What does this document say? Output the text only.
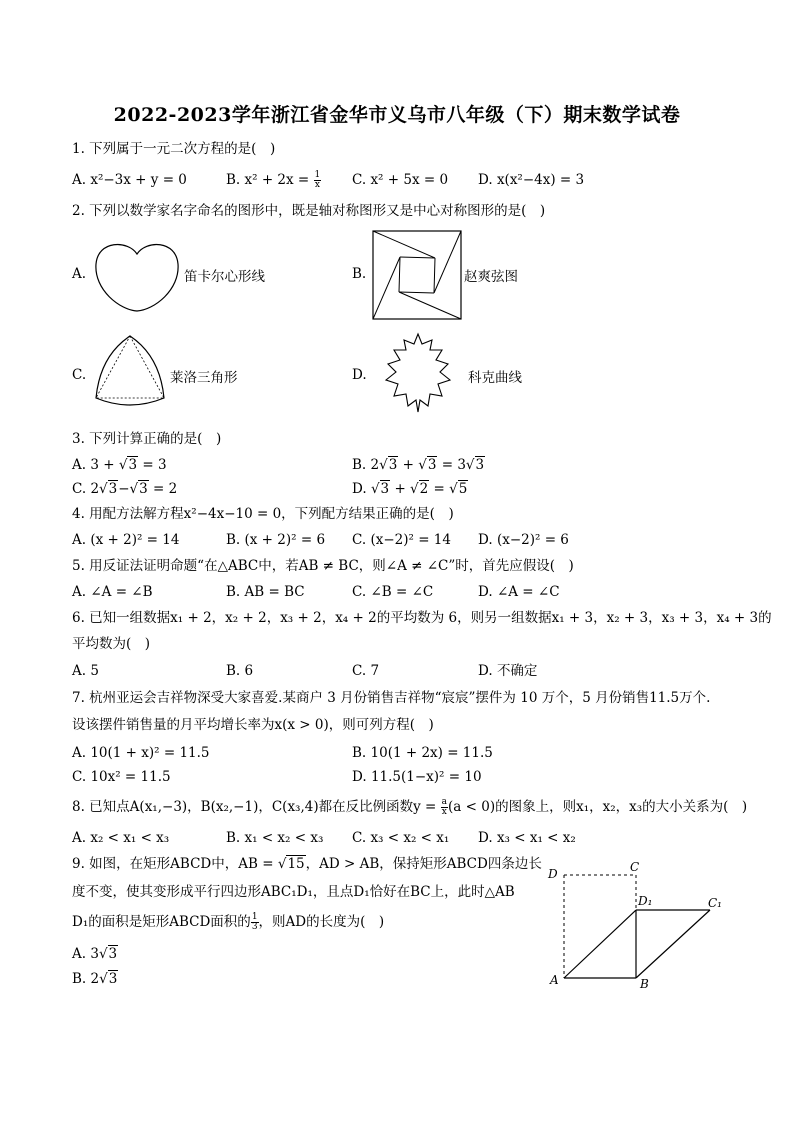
2022-2023学年浙江省金华市义乌市八年级（下）期末数学试卷
1. 下列属于一元二次方程的是(　)
A. x²−3x + y = 0	B. $x^2 + 2x = \frac{1}{x} C$. x² + 5x = 0 D. x(x²−4x) = 3
2. 下列以数学家名字命名的图形中，既是轴对称图形又是中心对称图形的是(　)
A.	笛卡尔心形线	B.	赵爽弦图
C.	莱洛三角形	D.	科克曲线
3. 下列计算正确的是(　)
A. 3 + √3 = 3	B. 2√3 + √3 = 3√3
C. 2√3−√3 = 2	D. √3 + √2 = √5
4. 用配方法解方程x²−4x−10 = 0，下列配方结果正确的是(　)
A. (x + 2)² = 14	B. (x + 2)² = 6 C. (x−2)² = 14 D. (x−2)² = 6
5. 用反证法证明命题“在△ABC中，若AB ≠ BC，则∠A ≠ ∠C”时，首先应假设(　)
A. ∠A = ∠B	B. AB = BC	C. ∠B = ∠C	D. ∠A = ∠C
6. 已知一组数据x₁ + 2，x₂ + 2，x₃ + 2，x₄ + 2的平均数为 6，则另一组数据x₁ + 3，x₂ + 3，x₃ + 3，x₄ + 3的
平均数为(　)
A. 5	B. 6	C. 7	D. 不确定
7. 杭州亚运会吉祥物深受大家喜爱.某商户 3 月份销售吉祥物“宸宸”摆件为 10 万个，5 月份销售11.5万个.
设该摆件销售量的月平均增长率为x(x > 0)，则可列方程(　)
A. 10(1 + x)² = 11.5	B. 10(1 + 2x) = 11.5
C. 10x² = 11.5	D. 11.5(1−x)² = 10
8. 已知点A(x₁,−3)，B(x₂,−1)，C(x₃,4)都在反比例函数$y = \frac{a}{x} (a < 0)$的图象上，则x₁，x₂，x₃的大小关系为(　)
A. x₂ < x₁ < x₃	B. x₁ < x₂ < x₃ C. x₃ < x₂ < x₁ D. x₃ < x₁ < x₂
9. 如图，在矩形ABCD中，AB = √15，AD > AB，保持矩形ABCD四条边长
度不变，使其变形成平行四边形ABC₁D₁，且点D₁恰好在BC上，此时△AB
D₁的面积是矩形ABCD面积的 $\frac{1}{3}$ ，则AD的长度为(　)
A. 3√3
B. 2√3
D	C
D₁	C₁
A	B
